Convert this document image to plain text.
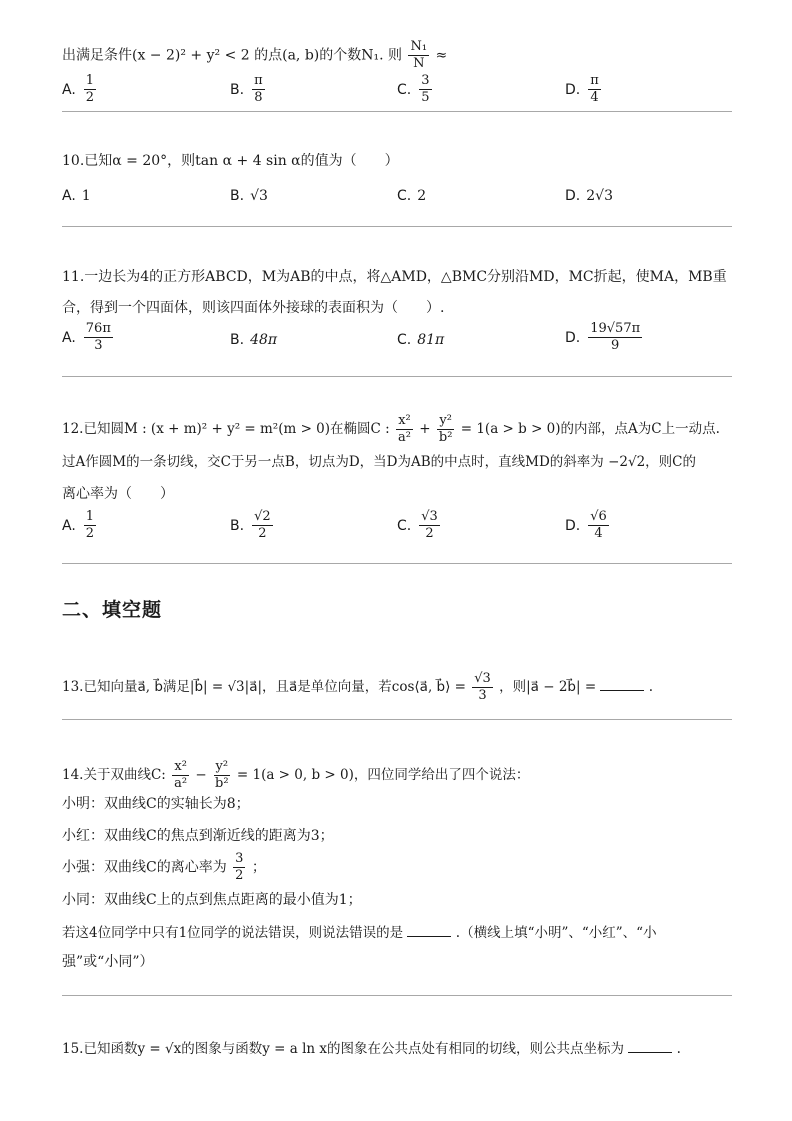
出满足条件(x − 2)² + y² < 2 的点(a, b)的个数N₁. 则 $\frac{\text{N₁}}{N}$ ≈
A. $\frac{1}{2}$	B. $\frac{\pi}{8}$	C. $\frac{3}{5}$	D. $\frac{\pi}{4}$
10.已知α = 20°，则tan α + 4 sin α的值为（　　）
A. 1	B. √3	C. 2	D. 2√3
11.一边长为4的正方形ABCD，M为AB的中点，将△AMD，△BMC分别沿MD，MC折起，使MA，MB重
合，得到一个四面体，则该四面体外接球的表面积为（　　）.
A. $\frac{76\pi}{3}$	B. 48π	C. 81π	D. $\frac{19√57\pi}{9}$
12.已知圆M : (x + m)² + y² = m²(m > 0)在椭圆C : $\frac{\text{x²}}{\text{a²}} + \frac{\text{y²}}{\text{b²}} = 1(a > b > 0)$的内部，点A为C上一动点.
过A作圆M的一条切线，交C于另一点B，切点为D，当D为AB的中点时，直线MD的斜率为 −2√2，则C的
离心率为（　　）
A. $\frac{1}{2}$	B. $\frac{√2}{2}$	C. $\frac{√3}{2}$	D. $\frac{√6}{4}$
二、填空题
13.已知向量a⃗, b⃗满足|b⃗| = √3|a⃗|，且a⃗是单位向量，若cos⟨a⃗, b⃗⟩ = $\frac{√3}{3}$ ，则|a⃗ − 2b⃗| =	.
14.关于双曲线C: $\frac{\text{x²}}{\text{a²}} - \frac{\text{y²}}{\text{b²}} = 1(a > 0$, b > 0)，四位同学给出了四个说法：
小明：双曲线C的实轴长为8；
小红：双曲线C的焦点到渐近线的距离为3；
小强：双曲线C的离心率为 $\frac{3}{2}$ ；
小同：双曲线C上的点到焦点距离的最小值为1；
若这4位同学中只有1位同学的说法错误，则说法错误的是	.（横线上填“小明”、“小红”、“小
强”或“小同”）
15.已知函数y = √x的图象与函数y = a ln x的图象在公共点处有相同的切线，则公共点坐标为	.
